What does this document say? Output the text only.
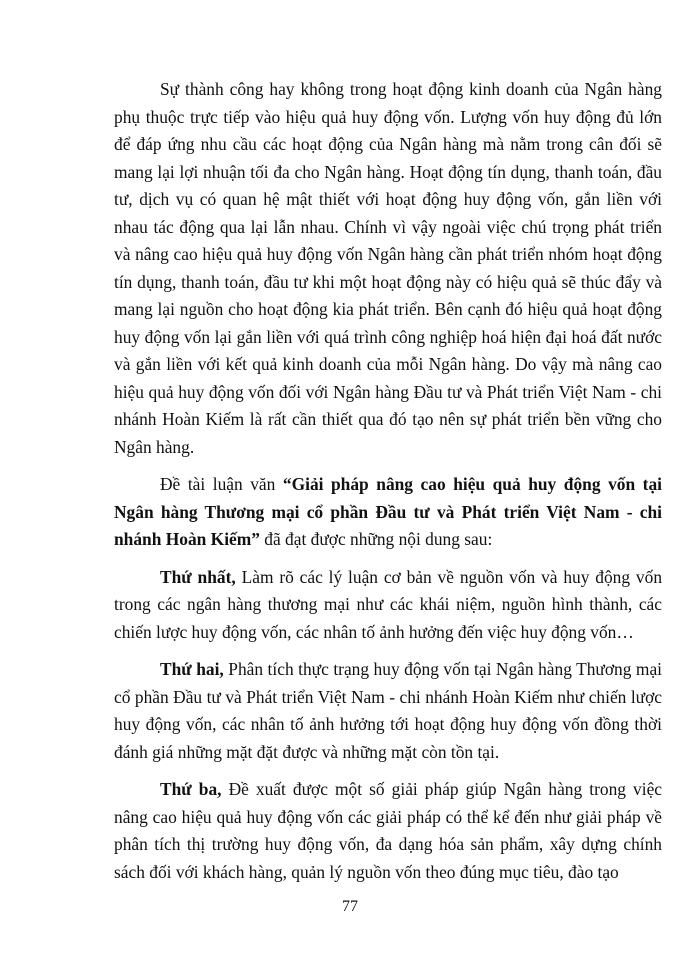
Sự thành công hay không trong hoạt động kinh doanh của Ngân hàng phụ thuộc trực tiếp vào hiệu quả huy động vốn. Lượng vốn huy động đủ lớn để đáp ứng nhu cầu các hoạt động của Ngân hàng mà nằm trong cân đối sẽ mang lại lợi nhuận tối đa cho Ngân hàng. Hoạt động tín dụng, thanh toán, đầu tư, dịch vụ có quan hệ mật thiết với hoạt động huy động vốn, gắn liền với nhau tác động qua lại lẫn nhau. Chính vì vậy ngoài việc chú trọng phát triển và nâng cao hiệu quả huy động vốn Ngân hàng cần phát triển nhóm hoạt động tín dụng, thanh toán, đầu tư khi một hoạt động này có hiệu quả sẽ thúc đẩy và mang lại nguồn cho hoạt động kia phát triển. Bên cạnh đó hiệu quả hoạt động huy động vốn lại gắn liền với quá trình công nghiệp hoá hiện đại hoá đất nước và gắn liền với kết quả kinh doanh của mỗi Ngân hàng. Do vậy mà nâng cao hiệu quả huy động vốn đối với Ngân hàng Đầu tư và Phát triển Việt Nam - chi nhánh Hoàn Kiếm là rất cần thiết qua đó tạo nên sự phát triển bền vững cho Ngân hàng.

Đề tài luận văn “Giải pháp nâng cao hiệu quả huy động vốn tại Ngân hàng Thương mại cổ phần Đầu tư và Phát triển Việt Nam - chi nhánh Hoàn Kiếm” đã đạt được những nội dung sau:

Thứ nhất, Làm rõ các lý luận cơ bản về nguồn vốn và huy động vốn trong các ngân hàng thương mại như các khái niệm, nguồn hình thành, các chiến lược huy động vốn, các nhân tố ảnh hưởng đến việc huy động vốn…

Thứ hai, Phân tích thực trạng huy động vốn tại Ngân hàng Thương mại cổ phần Đầu tư và Phát triển Việt Nam - chi nhánh Hoàn Kiếm như chiến lược huy động vốn, các nhân tố ảnh hưởng tới hoạt động huy động vốn đồng thời đánh giá những mặt đặt được và những mặt còn tồn tại.

Thứ ba, Đề xuất được một số giải pháp giúp Ngân hàng trong việc nâng cao hiệu quả huy động vốn các giải pháp có thể kể đến như giải pháp về phân tích thị trường huy động vốn, đa dạng hóa sản phẩm, xây dựng chính sách đối với khách hàng, quản lý nguồn vốn theo đúng mục tiêu, đào tạo

77
